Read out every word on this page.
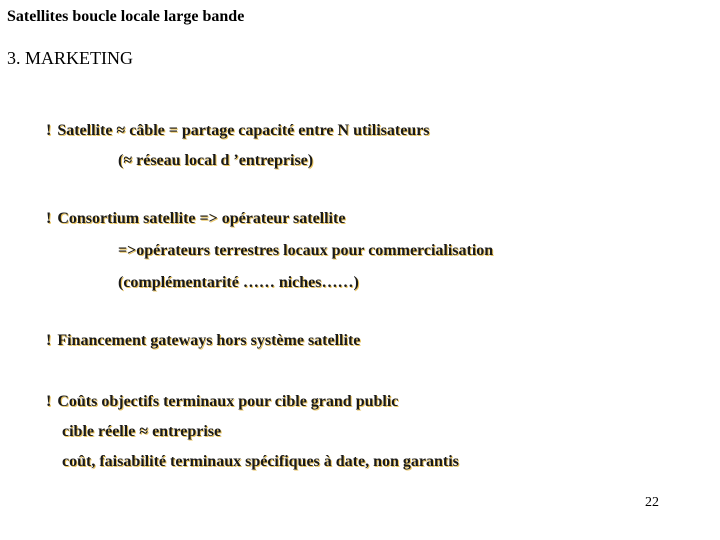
Satellites boucle locale large bande
3. MARKETING
! Satellite ≈ câble = partage capacité entre N utilisateurs
(≈ réseau local d ’entreprise)
! Consortium satellite => opérateur satellite
=>opérateurs terrestres locaux pour commercialisation
(complémentarité …… niches……)
! Financement gateways hors système satellite
! Coûts objectifs terminaux pour cible grand public
cible réelle ≈ entreprise
coût, faisabilité terminaux spécifiques à date, non garantis
22
